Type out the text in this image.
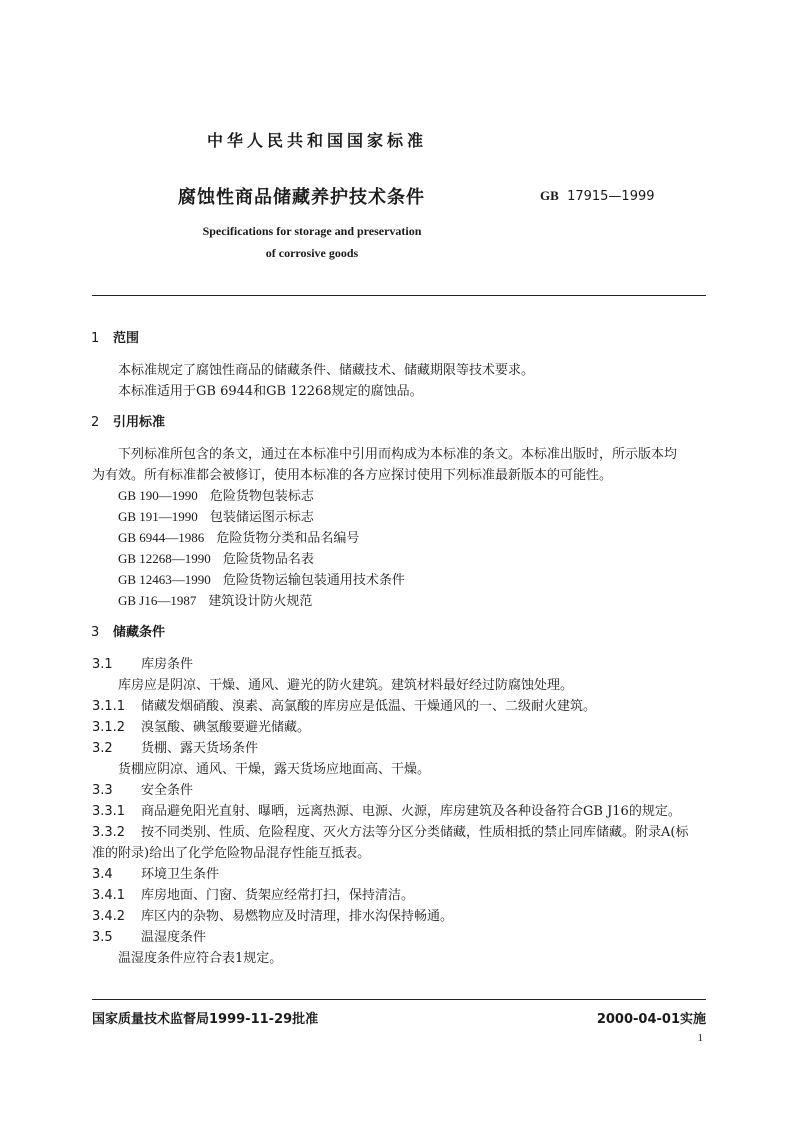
中华人民共和国国家标准
腐蚀性商品储藏养护技术条件	GB 17915—1999
Specifications for storage and preservation
of corrosive goods
1 范围
本标准规定了腐蚀性商品的储藏条件、储藏技术、储藏期限等技术要求。
本标准适用于GB 6944和GB 12268规定的腐蚀品。
2 引用标准
下列标准所包含的条文，通过在本标准中引用而构成为本标准的条文。本标准出版时，所示版本均
为有效。所有标准都会被修订，使用本标准的各方应探讨使用下列标准最新版本的可能性。
GB 190—1990 危险货物包装标志
GB 191—1990 包装储运图示标志
GB 6944—1986 危险货物分类和品名编号
GB 12268—1990 危险货物品名表
GB 12463—1990 危险货物运输包装通用技术条件
GB J16—1987 建筑设计防火规范
3 储藏条件
3.1 库房条件
库房应是阴凉、干燥、通风、避光的防火建筑。建筑材料最好经过防腐蚀处理。
3.1.1 储藏发烟硝酸、溴素、高氯酸的库房应是低温、干燥通风的一、二级耐火建筑。
3.1.2 溴氢酸、碘氢酸要避光储藏。
3.2 货棚、露天货场条件
货棚应阴凉、通风、干燥，露天货场应地面高、干燥。
3.3 安全条件
3.3.1 商品避免阳光直射、曝晒，远离热源、电源、火源，库房建筑及各种设备符合GB J16的规定。
3.3.2 按不同类别、性质、危险程度、灭火方法等分区分类储藏，性质相抵的禁止同库储藏。附录A(标
准的附录)给出了化学危险物品混存性能互抵表。
3.4 环境卫生条件
3.4.1 库房地面、门窗、货架应经常打扫，保持清洁。
3.4.2 库区内的杂物、易燃物应及时清理，排水沟保持畅通。
3.5 温湿度条件
温湿度条件应符合表1规定。
国家质量技术监督局1999-11-29批准	2000-04-01实施
1
